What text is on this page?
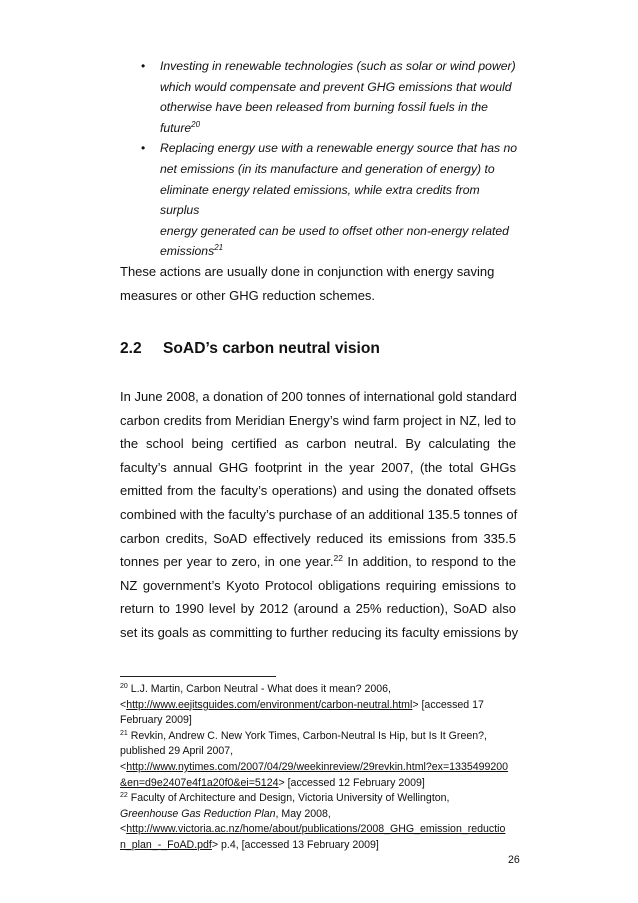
• Investing in renewable technologies (such as solar or wind power)
which would compensate and prevent GHG emissions that would
otherwise have been released from burning fossil fuels in the
future$^{20}$
• Replacing energy use with a renewable energy source that has no
net emissions (in its manufacture and generation of energy) to
eliminate energy related emissions, while extra credits from surplus
energy generated can be used to offset other non-energy related
emissions$^{21}$
These actions are usually done in conjunction with energy saving
measures or other GHG reduction schemes.
2.2 SoAD’s carbon neutral vision
In June 2008, a donation of 200 tonnes of international gold standard
carbon credits from Meridian Energy’s wind farm project in NZ, led to
the school being certified as carbon neutral. By calculating the
faculty’s annual GHG footprint in the year 2007, (the total GHGs
emitted from the faculty’s operations) and using the donated offsets
combined with the faculty’s purchase of an additional 135.5 tonnes of
carbon credits, SoAD effectively reduced its emissions from 335.5
tonnes per year to zero, in one year.$^{22}$ In addition, to respond to the
NZ government’s Kyoto Protocol obligations requiring emissions to
return to 1990 level by 2012 (around a 25% reduction), SoAD also
set its goals as committing to further reducing its faculty emissions by
$^{20}$ L.J. Martin, Carbon Neutral - What does it mean? 2006,
<http://www.eejitsguides.com/environment/carbon-neutral.html> [accessed 17
February 2009]
$^{21}$ Revkin, Andrew C. New York Times, Carbon-Neutral Is Hip, but Is It Green?,
published 29 April 2007,
<http://www.nytimes.com/2007/04/29/weekinreview/29revkin.html?ex=1335499200
&en=d9e2407e4f1a20f0&ei=5124> [accessed 12 February 2009]
$^{22}$ Faculty of Architecture and Design, Victoria University of Wellington,
Greenhouse Gas Reduction Plan, May 2008,
<http://www.victoria.ac.nz/home/about/publications/2008_GHG_emission_reductio
n_plan_-_FoAD.pdf> p.4, [accessed 13 February 2009]
26
